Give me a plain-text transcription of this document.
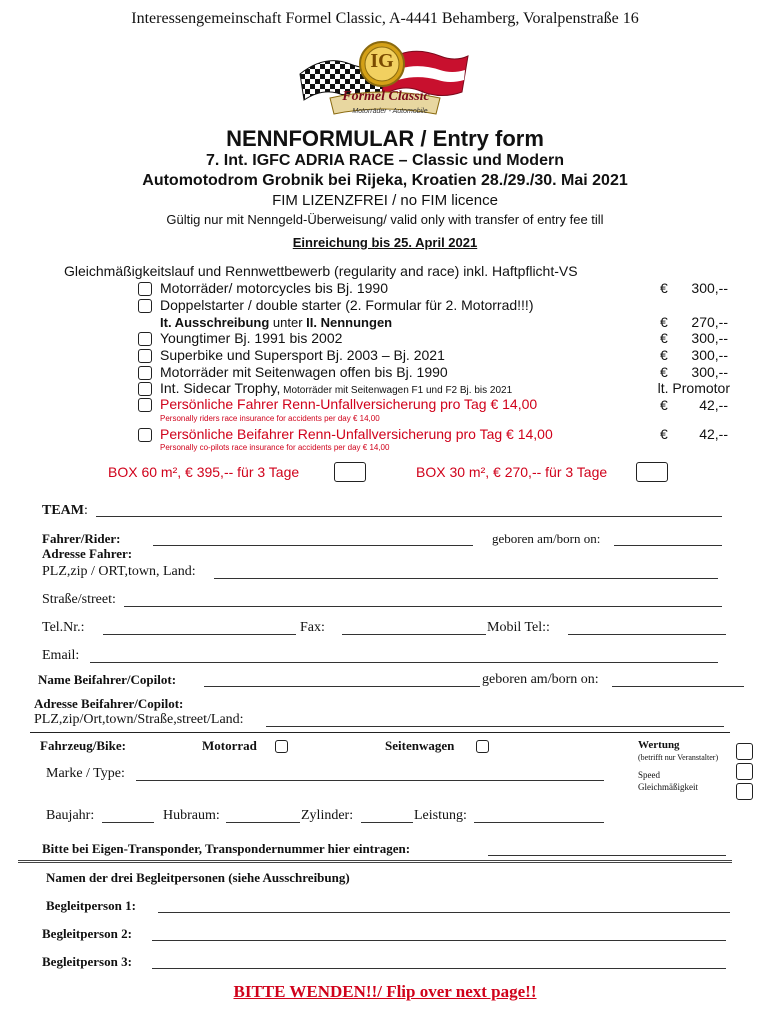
Interessengemeinschaft Formel Classic, A-4441 Behamberg, Voralpenstraße 16
IG
Formel Classic
Motorräder - Automobile
NENNFORMULAR / Entry form
7. Int. IGFC ADRIA RACE – Classic und Modern
Automotodrom Grobnik bei Rijeka, Kroatien 28./29./30. Mai 2021
FIM LIZENZFREI / no FIM licence
Gültig nur mit Nenngeld-Überweisung/ valid only with transfer of entry fee till
Einreichung bis 25. April 2021
Gleichmäßigkeitslauf und Rennwettbewerb (regularity and race) inkl. Haftpflicht-VS
Motorräder/ motorcycles bis Bj. 1990	€	300,--
Doppelstarter / double starter (2. Formular für 2. Motorrad!!!)
It. Ausschreibung unter II. Nennungen	€	270,--
Youngtimer Bj. 1991 bis 2002	€	300,--
Superbike und Supersport Bj. 2003 – Bj. 2021	€	300,--
Motorräder mit Seitenwagen offen bis Bj. 1990	€	300,--
Int. Sidecar Trophy, Motorräder mit Seitenwagen F1 und F2 Bj. bis 2021	lt. Promotor
Persönliche Fahrer Renn-Unfallversicherung pro Tag € 14,00	€	42,--
Personally riders race insurance for accidents per day € 14,00
Persönliche Beifahrer Renn-Unfallversicherung pro Tag € 14,00	€	42,--
Personally co-pilots race insurance for accidents per day € 14,00
BOX 60 m², € 395,-- für 3 Tage	BOX 30 m², € 270,-- für 3 Tage
TEAM:
Fahrer/Rider:	geboren am/born on:
Adresse Fahrer:
PLZ,zip / ORT,town, Land:
Straße/street:
Tel.Nr.:	Fax:	Mobil Tel::
Email:
Name Beifahrer/Copilot:	geboren am/born on:
Adresse Beifahrer/Copilot:
PLZ,zip/Ort,town/Straße,street/Land:
Fahrzeug/Bike:	Motorrad	Seitenwagen	Wertung
(betrifft nur Veranstalter)
Speed
Gleichmäßigkeit
Marke / Type:
Baujahr:	Hubraum:	Zylinder:	Leistung:
Bitte bei Eigen-Transponder, Transpondernummer hier eintragen:
Namen der drei Begleitpersonen (siehe Ausschreibung)
Begleitperson 1:
Begleitperson 2:
Begleitperson 3:
BITTE WENDEN!!/ Flip over next page!!
